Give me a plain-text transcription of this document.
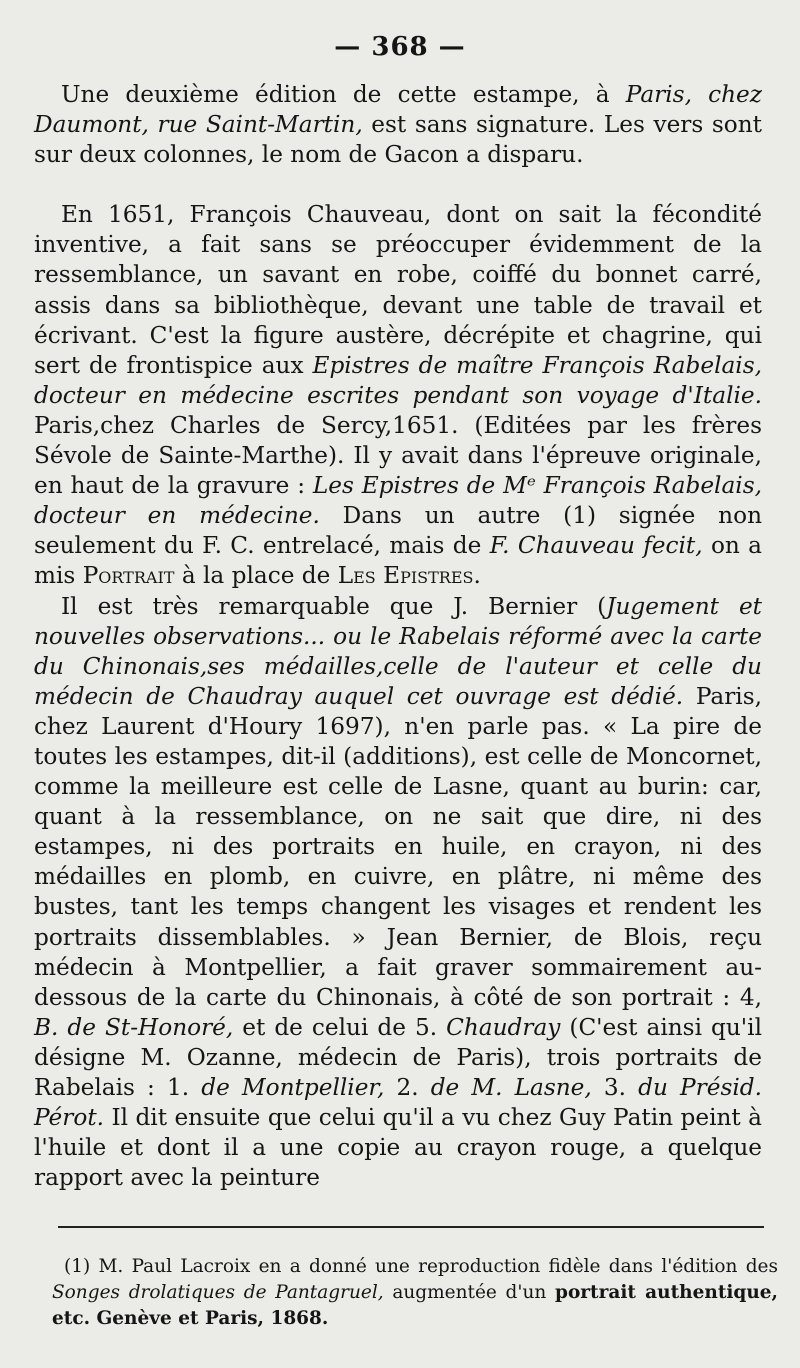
— 368 —

Une deuxième édition de cette estampe, à Paris, chez Daumont, rue Saint-Martin, est sans signature. Les vers sont sur deux colonnes, le nom de Gacon a disparu.

En 1651, François Chauveau, dont on sait la fécondité inventive, a fait sans se préoccuper évidemment de la ressemblance, un savant en robe, coiffé du bonnet carré, assis dans sa bibliothèque, devant une table de travail et écrivant. C'est la figure austère, décrépite et chagrine, qui sert de frontispice aux Epistres de maître François Rabelais, docteur en médecine escrites pendant son voyage d'Italie. Paris,chez Charles de Sercy,1651. (Editées par les frères Sévole de Sainte-Marthe). Il y avait dans l'épreuve originale, en haut de la gravure : Les Epistres de Mᵉ François Rabelais, docteur en médecine. Dans un autre (1) signée non seulement du F. C. entrelacé, mais de F. Chauveau fecit, on a mis Portrait à la place de Les Epistres.

Il est très remarquable que J. Bernier (Jugement et nouvelles observations... ou le Rabelais réformé avec la carte du Chinonais,ses médailles,celle de l'auteur et celle du médecin de Chaudray auquel cet ouvrage est dédié. Paris, chez Laurent d'Houry 1697), n'en parle pas. « La pire de toutes les estampes, dit-il (additions), est celle de Moncornet, comme la meilleure est celle de Lasne, quant au burin: car, quant à la ressemblance, on ne sait que dire, ni des estampes, ni des portraits en huile, en crayon, ni des médailles en plomb, en cuivre, en plâtre, ni même des bustes, tant les temps changent les visages et rendent les portraits dissemblables. » Jean Bernier, de Blois, reçu médecin à Montpellier, a fait graver sommairement au-dessous de la carte du Chinonais, à côté de son portrait : 4, B. de St-Honoré, et de celui de 5. Chaudray (C'est ainsi qu'il désigne M. Ozanne, médecin de Paris), trois portraits de Rabelais : 1. de Montpellier, 2. de M. Lasne, 3. du Présid. Pérot. Il dit ensuite que celui qu'il a vu chez Guy Patin peint à l'huile et dont il a une copie au crayon rouge, a quelque rapport avec la peinture

(1) M. Paul Lacroix en a donné une reproduction fidèle dans l'édition des Songes drolatiques de Pantagruel, augmentée d'un portrait authentique, etc. Genève et Paris, 1868.
